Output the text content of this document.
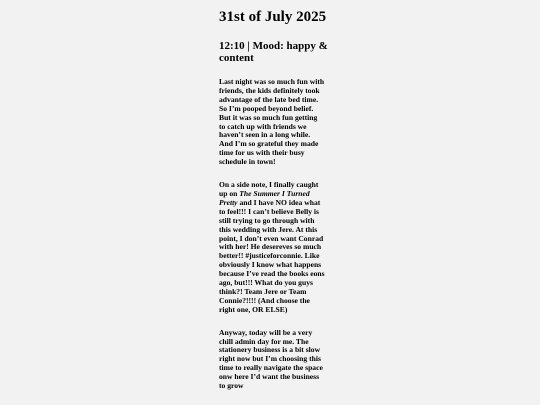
31st of July 2025
12:10 | Mood: happy & content

Last night was so much fun with friends, the kids definitely took advantage of the late bed time. So I’m pooped beyond belief. But it was so much fun getting to catch up with friends we haven’t seen in a long while. And I’m so grateful they made time for us with their busy schedule in town!

On a side note, I finally caught up on The Summer I Turned Pretty and I have NO idea what to feel!!! I can’t believe Belly is still trying to go through with this wedding with Jere. At this point, I don’t even want Conrad with her! He desereves so much better!! #justiceforconnie. Like obviously I know what happens because I’ve read the books eons ago, but!!! What do you guys think?! Team Jere or Team Connie?!!!! (And choose the right one, OR ELSE)

Anyway, today will be a very chill admin day for me. The stationery business is a bit slow right now but I’m choosing this time to really navigate the space onw here I’d want the business to grow
